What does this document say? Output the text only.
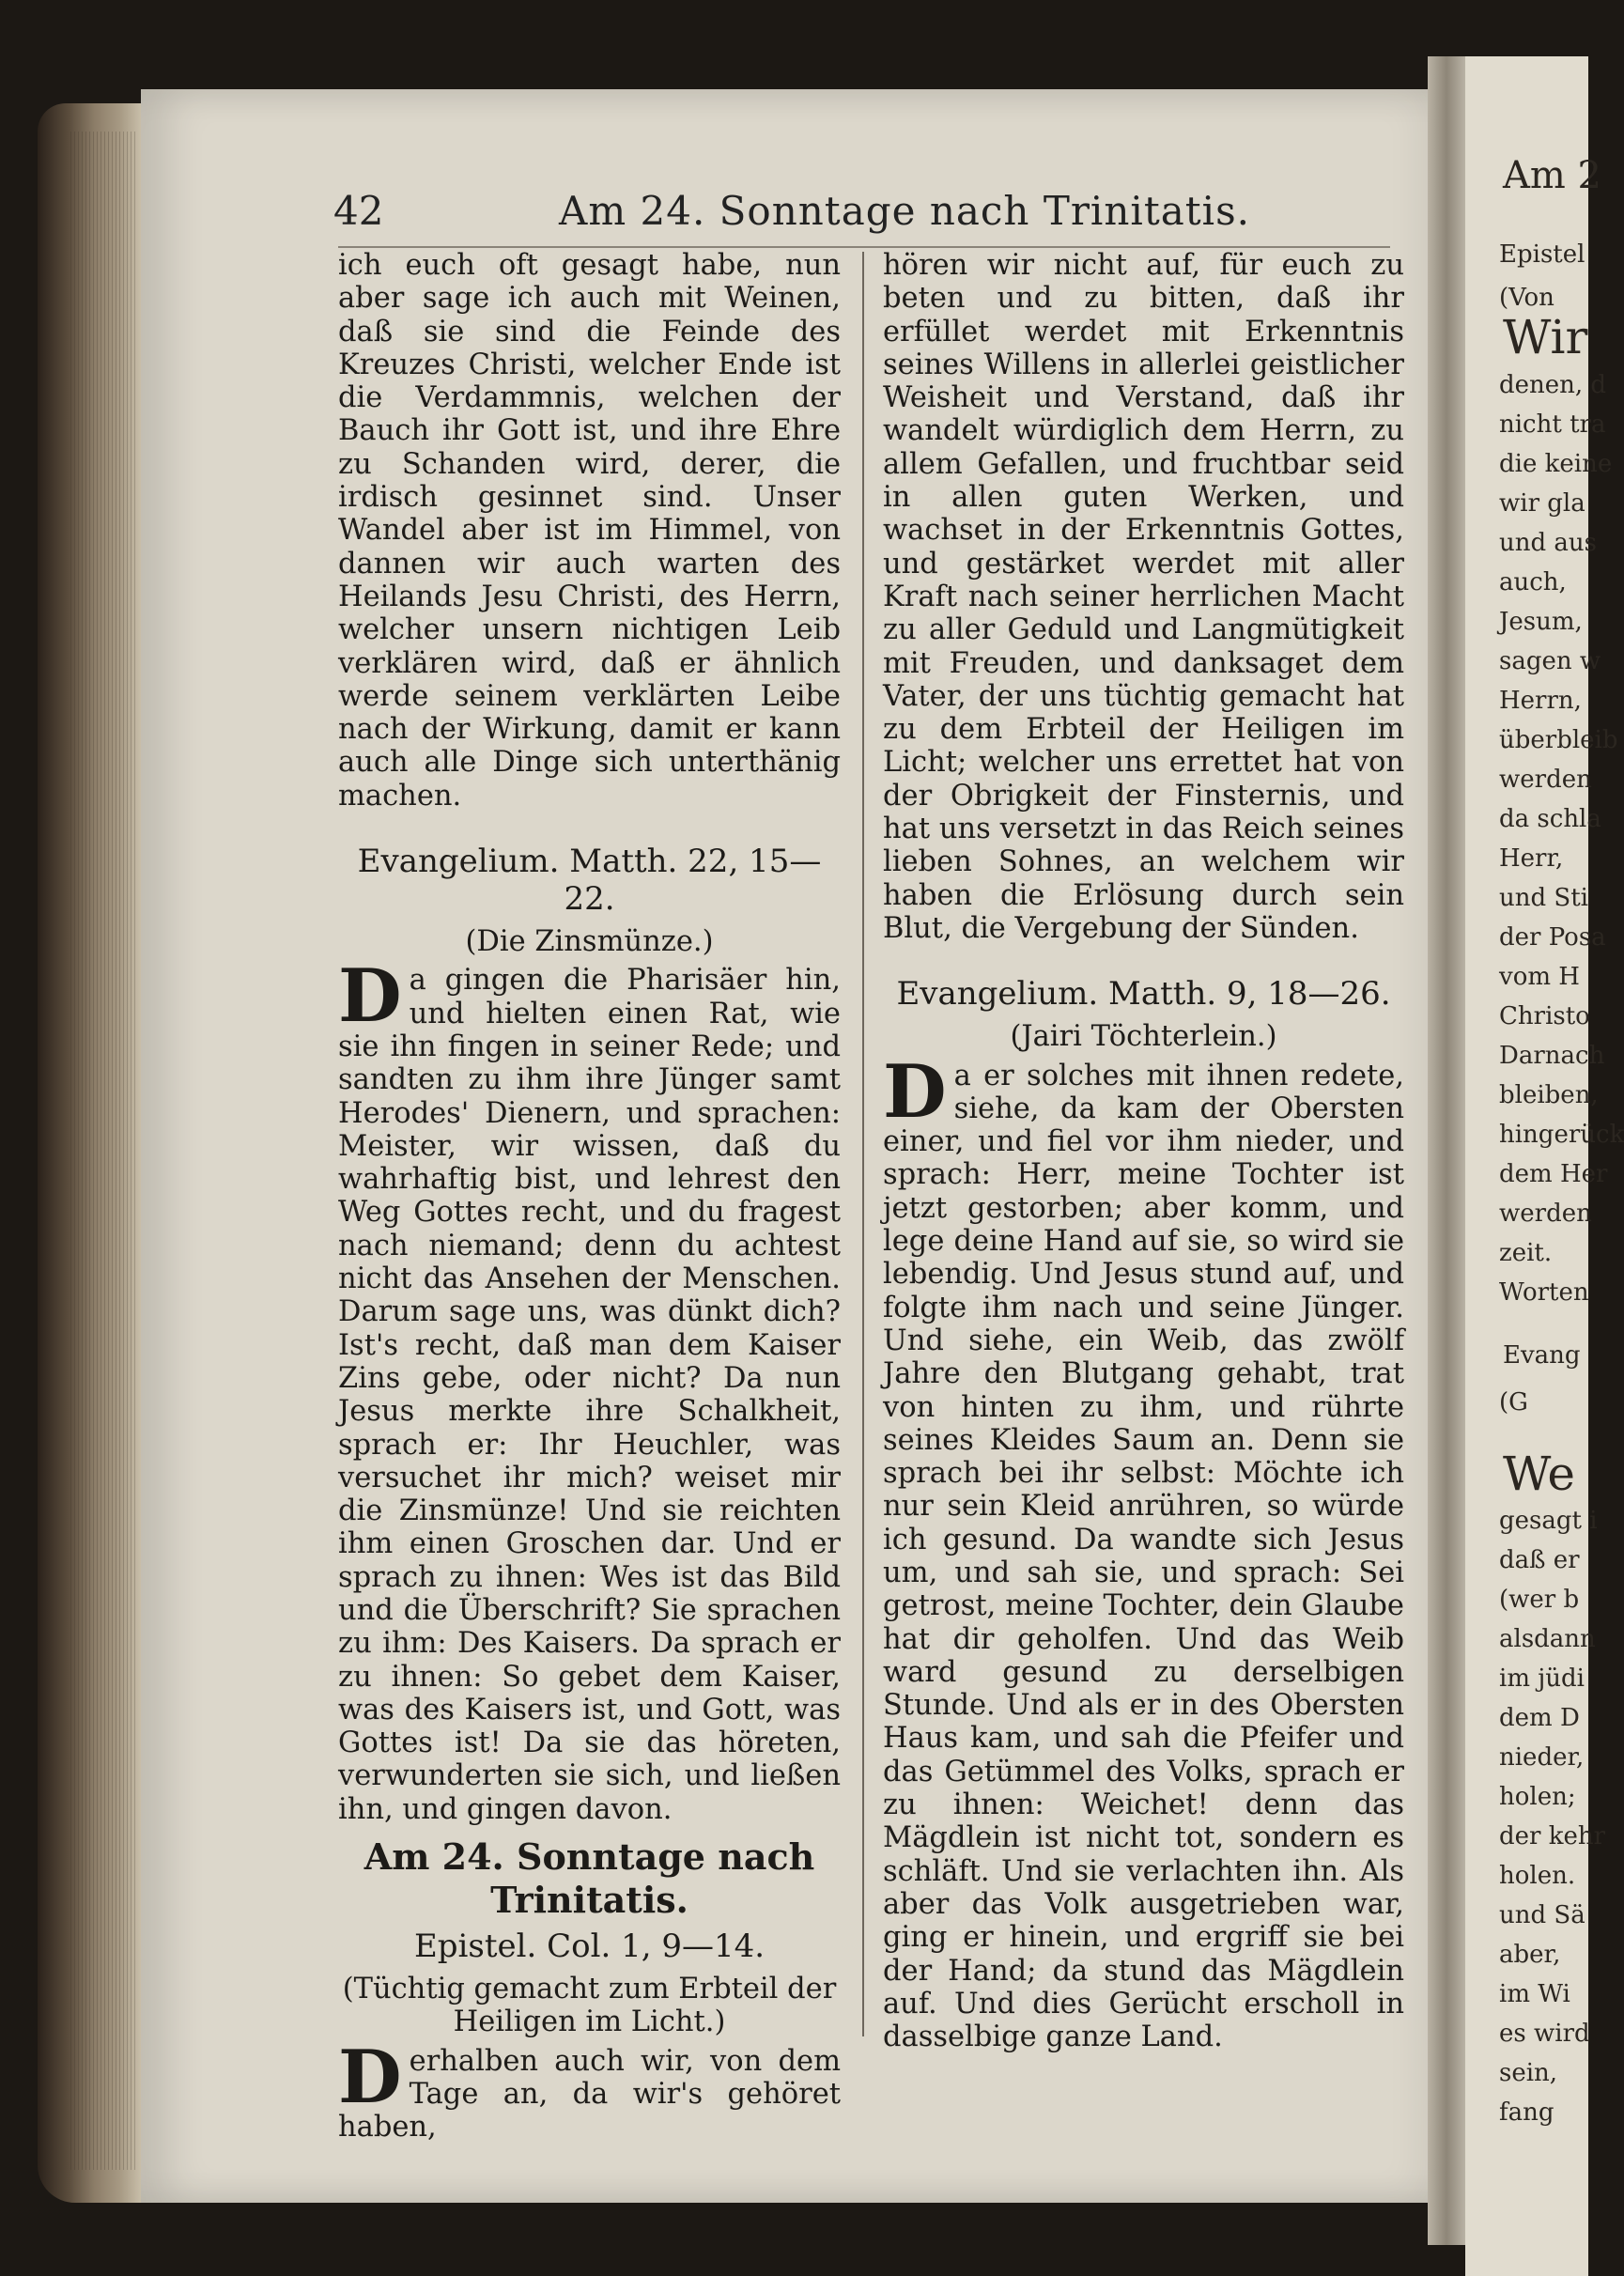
Am 2
Epistel
(Von
Wir
denen, d
nicht tra
die keine
wir gla
und aus
auch,
Jesum,
sagen w
Herrn,
überbleib
werden
da schla
Herr,
und Sti
der Posa
vom H
Christo
Darnach
bleiben,
hingerück
dem Her
werden
zeit.
Worten
Evang
(G
We
gesagt i
daß er
(wer b
alsdann
im jüdi
dem D
nieder,
holen;
der kehr
holen.
und Sä
aber,
im Wi
es wird
sein,
fang
42	Am 24. Sonntage nach Trinitatis.

ich euch oft gesagt habe, nun aber sage ich auch mit Weinen, daß sie sind die Feinde des Kreuzes Christi, welcher Ende ist die Verdammnis, welchen der Bauch ihr Gott ist, und ihre Ehre zu Schanden wird, derer, die irdisch gesinnet sind. Unser Wandel aber ist im Himmel, von dannen wir auch warten des Heilands Jesu Christi, des Herrn, welcher unsern nichtigen Leib verklären wird, daß er ähnlich werde seinem verklärten Leibe nach der Wirkung, damit er kann auch alle Dinge sich unterthänig machen.

Evangelium. Matth. 22, 15—22.
(Die Zinsmünze.)

Da gingen die Pharisäer hin, und hielten einen Rat, wie sie ihn fingen in seiner Rede; und sandten zu ihm ihre Jünger samt Herodes' Dienern, und sprachen: Meister, wir wissen, daß du wahrhaftig bist, und lehrest den Weg Gottes recht, und du fragest nach niemand; denn du achtest nicht das Ansehen der Menschen. Darum sage uns, was dünkt dich? Ist's recht, daß man dem Kaiser Zins gebe, oder nicht? Da nun Jesus merkte ihre Schalkheit, sprach er: Ihr Heuchler, was versuchet ihr mich? weiset mir die Zinsmünze! Und sie reichten ihm einen Groschen dar. Und er sprach zu ihnen: Wes ist das Bild und die Überschrift? Sie sprachen zu ihm: Des Kaisers. Da sprach er zu ihnen: So gebet dem Kaiser, was des Kaisers ist, und Gott, was Gottes ist! Da sie das höreten, verwunderten sie sich, und ließen ihn, und gingen davon.

Am 24. Sonntage nach Trinitatis.
Epistel. Col. 1, 9—14.
(Tüchtig gemacht zum Erbteil der Heiligen im Licht.)

Derhalben auch wir, von dem Tage an, da wir's gehöret haben,

hören wir nicht auf, für euch zu beten und zu bitten, daß ihr erfüllet werdet mit Erkenntnis seines Willens in allerlei geistlicher Weisheit und Verstand, daß ihr wandelt würdiglich dem Herrn, zu allem Gefallen, und fruchtbar seid in allen guten Werken, und wachset in der Erkenntnis Gottes, und gestärket werdet mit aller Kraft nach seiner herrlichen Macht zu aller Geduld und Langmütigkeit mit Freuden, und danksaget dem Vater, der uns tüchtig gemacht hat zu dem Erbteil der Heiligen im Licht; welcher uns errettet hat von der Obrigkeit der Finsternis, und hat uns versetzt in das Reich seines lieben Sohnes, an welchem wir haben die Erlösung durch sein Blut, die Vergebung der Sünden.

Evangelium. Matth. 9, 18—26.
(Jairi Töchterlein.)

Da er solches mit ihnen redete, siehe, da kam der Obersten einer, und fiel vor ihm nieder, und sprach: Herr, meine Tochter ist jetzt gestorben; aber komm, und lege deine Hand auf sie, so wird sie lebendig. Und Jesus stund auf, und folgte ihm nach und seine Jünger. Und siehe, ein Weib, das zwölf Jahre den Blutgang gehabt, trat von hinten zu ihm, und rührte seines Kleides Saum an. Denn sie sprach bei ihr selbst: Möchte ich nur sein Kleid anrühren, so würde ich gesund. Da wandte sich Jesus um, und sah sie, und sprach: Sei getrost, meine Tochter, dein Glaube hat dir geholfen. Und das Weib ward gesund zu derselbigen Stunde. Und als er in des Obersten Haus kam, und sah die Pfeifer und das Getümmel des Volks, sprach er zu ihnen: Weichet! denn das Mägdlein ist nicht tot, sondern es schläft. Und sie verlachten ihn. Als aber das Volk ausgetrieben war, ging er hinein, und ergriff sie bei der Hand; da stund das Mägdlein auf. Und dies Gerücht erscholl in dasselbige ganze Land.
